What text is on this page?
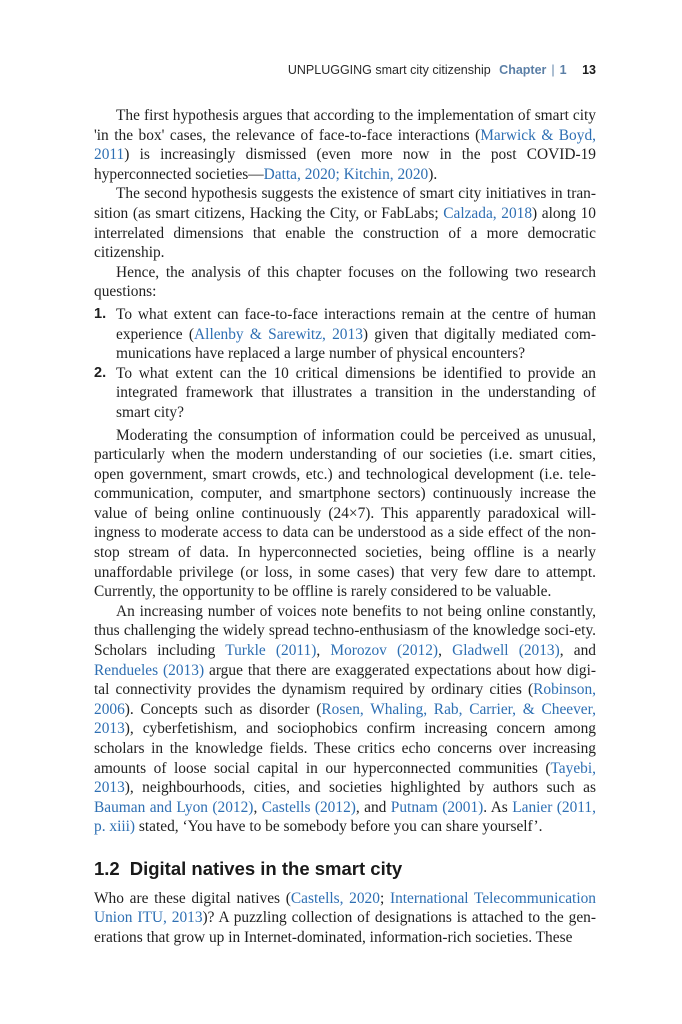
UNPLUGGING smart city citizenship Chapter | 1 13

The first hypothesis argues that according to the implementation of smart city 'in the box' cases, the relevance of face-to-face interactions (Marwick & Boyd, 2011) is increasingly dismissed (even more now in the post COVID-19 hyperconnected societies—Datta, 2020; Kitchin, 2020).

The second hypothesis suggests the existence of smart city initiatives in tran-sition (as smart citizens, Hacking the City, or FabLabs; Calzada, 2018) along 10 interrelated dimensions that enable the construction of a more democratic citizenship.

Hence, the analysis of this chapter focuses on the following two research questions:

1. To what extent can face-to-face interactions remain at the centre of human experience (Allenby & Sarewitz, 2013) given that digitally mediated com-munications have replaced a large number of physical encounters?
2. To what extent can the 10 critical dimensions be identified to provide an integrated framework that illustrates a transition in the understanding of smart city?

Moderating the consumption of information could be perceived as unusual, particularly when the modern understanding of our societies (i.e. smart cities, open government, smart crowds, etc.) and technological development (i.e. tele-communication, computer, and smartphone sectors) continuously increase the value of being online continuously (24×7). This apparently paradoxical will-ingness to moderate access to data can be understood as a side effect of the non-stop stream of data. In hyperconnected societies, being offline is a nearly unaffordable privilege (or loss, in some cases) that very few dare to attempt. Currently, the opportunity to be offline is rarely considered to be valuable.

An increasing number of voices note benefits to not being online constantly, thus challenging the widely spread techno-enthusiasm of the knowledge soci-ety. Scholars including Turkle (2011), Morozov (2012), Gladwell (2013), and Rendueles (2013) argue that there are exaggerated expectations about how digi-tal connectivity provides the dynamism required by ordinary cities (Robinson, 2006). Concepts such as disorder (Rosen, Whaling, Rab, Carrier, & Cheever, 2013), cyberfetishism, and sociophobics confirm increasing concern among scholars in the knowledge fields. These critics echo concerns over increasing amounts of loose social capital in our hyperconnected communities (Tayebi, 2013), neighbourhoods, cities, and societies highlighted by authors such as Bauman and Lyon (2012), Castells (2012), and Putnam (2001). As Lanier (2011, p. xiii) stated, ‘You have to be somebody before you can share yourself’.

1.2 Digital natives in the smart city

Who are these digital natives (Castells, 2020; International Telecommunication Union ITU, 2013)? A puzzling collection of designations is attached to the gen-erations that grow up in Internet-dominated, information-rich societies. These
